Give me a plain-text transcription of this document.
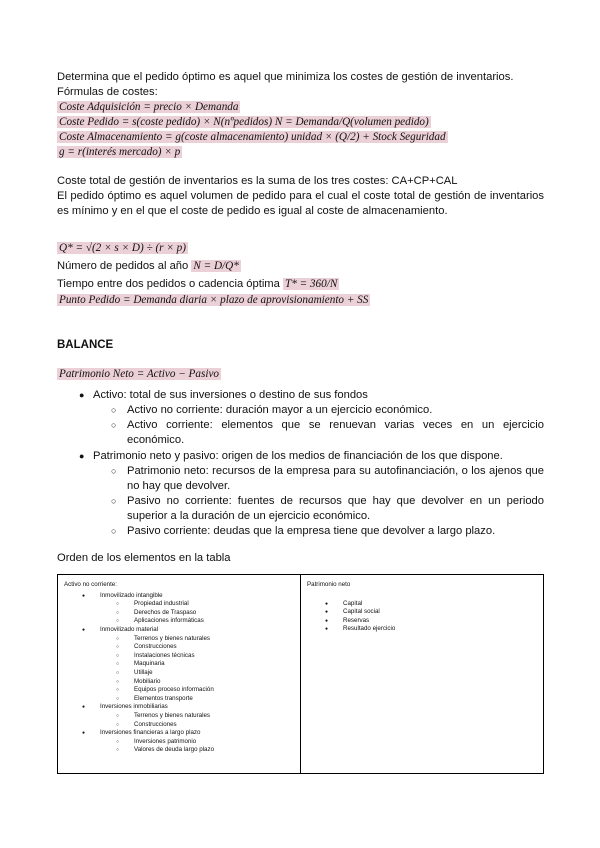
Determina que el pedido óptimo es aquel que minimiza los costes de gestión de inventarios.

Fórmulas de costes:

Coste Adquisición = precio × Demanda

Coste Pedido = s(coste pedido) × N(nºpedidos) N = Demanda/Q(volumen pedido)

Coste Almacenamiento = g(coste almacenamiento) unidad × (Q/2) + Stock Seguridad

g = r(interés mercado) × p

Coste total de gestión de inventarios es la suma de los tres costes: CA+CP+CAL

El pedido óptimo es aquel volumen de pedido para el cual el coste total de gestión de inventarios es mínimo y en el que el coste de pedido es igual al coste de almacenamiento.

Q* = √(2 × s × D) ÷ (r × p)

Número de pedidos al año N = D/Q*

Tiempo entre dos pedidos o cadencia óptima T* = 360/N

Punto Pedido = Demanda diaria × plazo de aprovisionamiento + SS

BALANCE

Patrimonio Neto = Activo − Pasivo

● Activo: total de sus inversiones o destino de sus fondos
○ Activo no corriente: duración mayor a un ejercicio económico.
○ Activo corriente: elementos que se renuevan varias veces en un ejercicio económico.
● Patrimonio neto y pasivo: origen de los medios de financiación de los que dispone.
○ Patrimonio neto: recursos de la empresa para su autofinanciación, o los ajenos que no hay que devolver.
○ Pasivo no corriente: fuentes de recursos que hay que devolver en un periodo superior a la duración de un ejercicio económico.
○ Pasivo corriente: deudas que la empresa tiene que devolver a largo plazo.

Orden de los elementos en la tabla

Activo no corriente:
● Inmovilizado intangible
○ Propiedad industrial
○ Derechos de Traspaso
○ Aplicaciones informáticas
● Inmovilizado material
○ Terrenos y bienes naturales
○ Construcciones
○ Instalaciones técnicas
○ Maquinaria
○ Utillaje
○ Mobiliario
○ Equipos proceso información
○ Elementos transporte
● Inversiones inmobiliarias
○ Terrenos y bienes naturales
○ Construcciones
● Inversiones financieras a largo plazo
○ Inversiones patrimonio
○ Valores de deuda largo plazo
Patrimonio neto
● Capital
● Capital social
● Reservas
● Resultado ejercicio
